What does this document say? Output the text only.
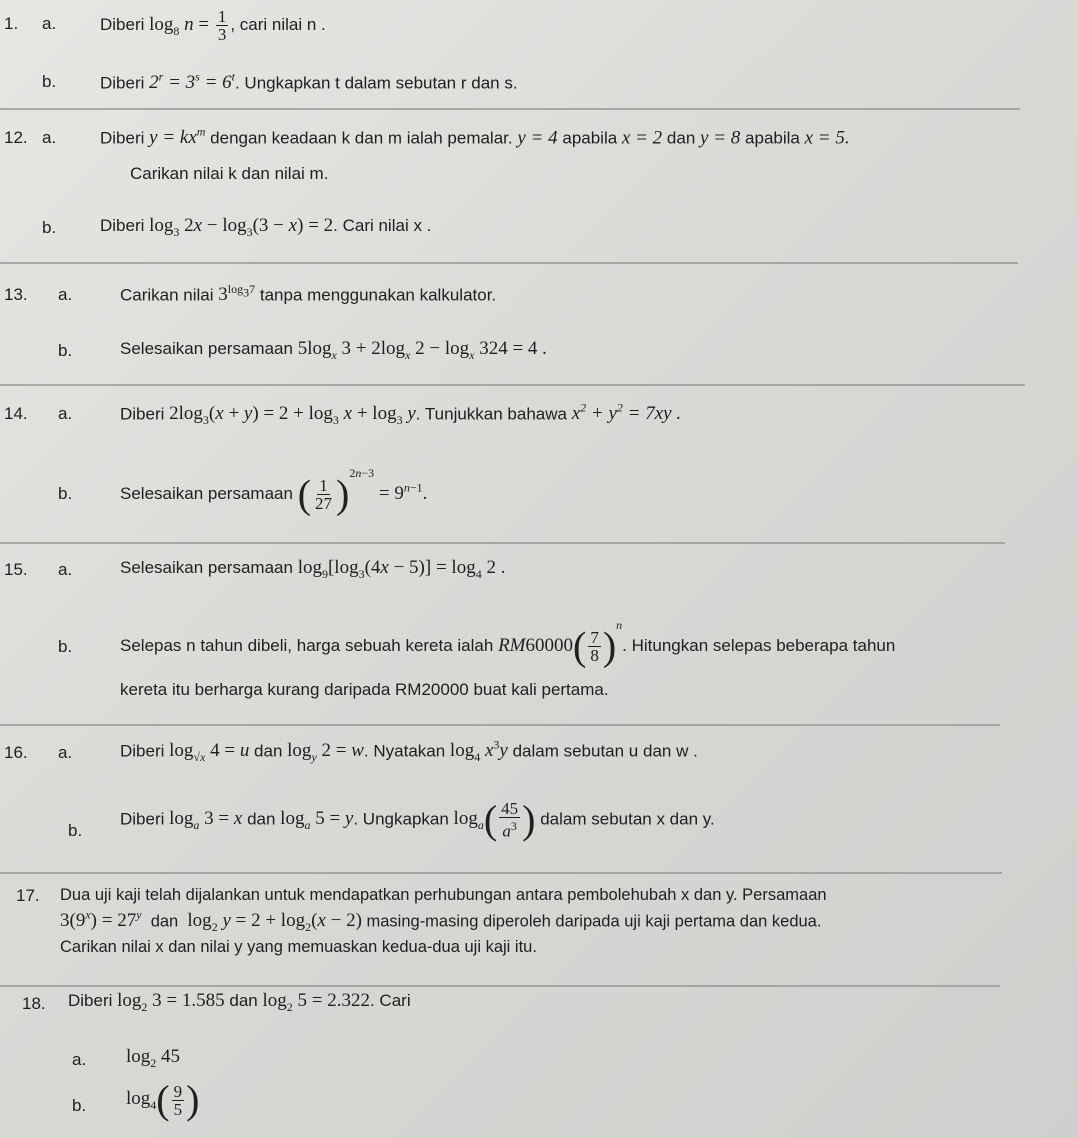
1. a.	Diberi $\log_8 n = \frac{1}{3}$ , cari nilai n .
b.	Diberi $2^r = 3^s = 6^t$. Ungkapkan t dalam sebutan r dan s.
12. a.	Diberi $y = kx^m$ dengan keadaan k dan m ialah pemalar. y = 4 apabila x = 2 dan y = 8 apabila x = 5.
Carikan nilai k dan nilai m.
b.	Diberi $\log_3 2x - \log_3(3 - x) = 2$. Cari nilai x .
13. a.	Carikan nilai $3^{log_37}$ tanpa menggunakan kalkulator.
b.	Selesaikan persamaan $5\log_x$ $3 + 2\log_x$ $2 - \log_x 324 = 4$ .
14. a.	Diberi $2\log_3(x + y) = 2 + \log_3 x + \log_3 y$. Tunjukkan bahawa $x^2 + y^2 = 7xy$ .
b.	Selesaikan persamaan ( $\frac{1}{27} )^{2n-3} = 9^{n-1}$.
15. a.	Selesaikan persamaan $\log_9[\log_3(4x - 5)] = \log_4 2$ .
b.	Selepas n tahun dibeli, harga sebuah kereta ialah $RM60000( \frac{7}{8} )^n$. Hitungkan selepas beberapa tahun
kereta itu berharga kurang daripada RM20000 buat kali pertama.
16. a.	Diberi $\log_{√x} 4 = u$ dan $\log_y 2 = w$. Nyatakan $\log_4 x^3y$ dalam sebutan u dan w .
b.
Diberi $\log_a 3 = x$ dan $\log_a 5 = y$. Ungkapkan $\log_a( \frac{45}{a^3}$ ) dalam sebutan x dan y.
17. Dua uji kaji telah dijalankan untuk mendapatkan perhubungan antara pembolehubah x dan y. Persamaan
$3(9^x) = 27^y$ dan $\log_2 y = 2 + \log_2(x - 2)$ masing-masing diperoleh daripada uji kaji pertama dan kedua.
Carikan nilai x dan nilai y yang memuaskan kedua-dua uji kaji itu.
18. Diberi $\log_2 3 = 1.585$ dan $\log_2 5 = 2.322$. Cari
a. $\log_2 45$
b. $\log_4( \frac{9}{5}$ )
